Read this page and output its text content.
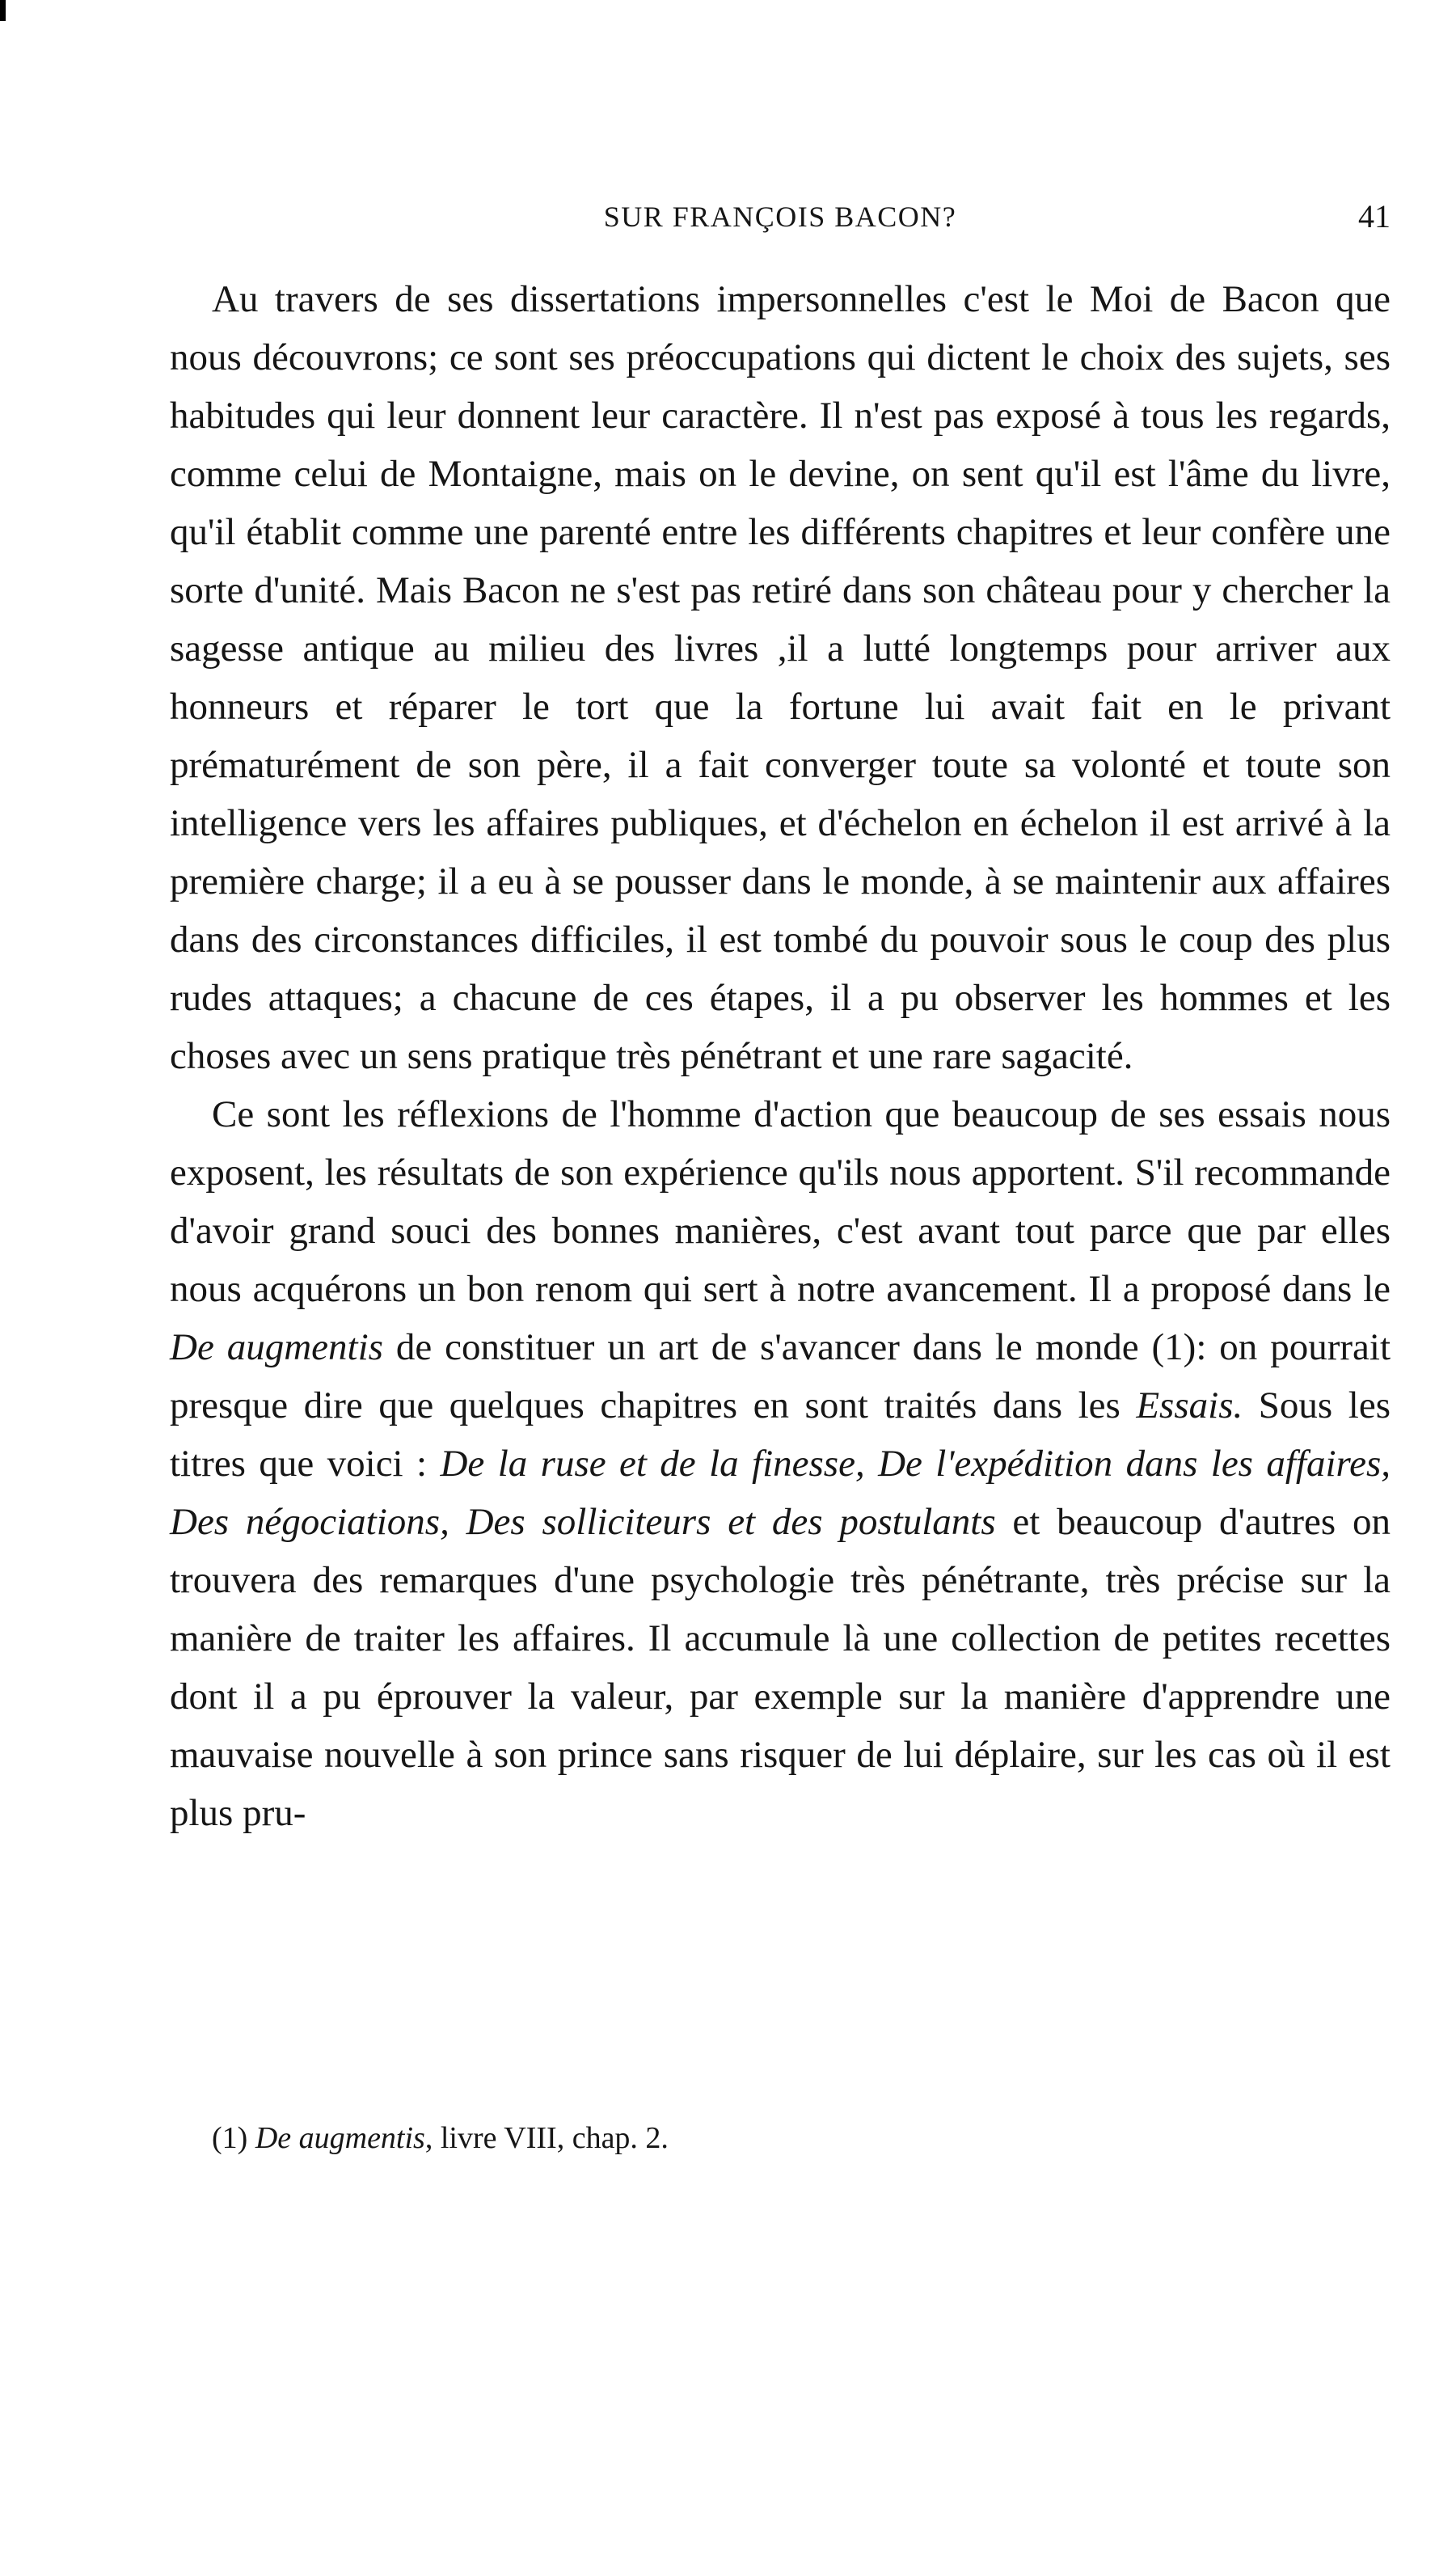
SUR FRANÇOIS BACON?	41

Au travers de ses dissertations impersonnelles c'est le Moi de Bacon que nous découvrons; ce sont ses préoccupations qui dictent le choix des sujets, ses habitudes qui leur donnent leur caractère. Il n'est pas exposé à tous les regards, comme celui de Montaigne, mais on le devine, on sent qu'il est l'âme du livre, qu'il établit comme une parenté entre les différents chapitres et leur confère une sorte d'unité. Mais Bacon ne s'est pas retiré dans son château pour y chercher la sagesse antique au milieu des livres ,il a lutté longtemps pour arriver aux honneurs et réparer le tort que la fortune lui avait fait en le privant prématurément de son père, il a fait converger toute sa volonté et toute son intelligence vers les affaires publiques, et d'échelon en échelon il est arrivé à la première charge; il a eu à se pousser dans le monde, à se maintenir aux affaires dans des circonstances difficiles, il est tombé du pouvoir sous le coup des plus rudes attaques; a chacune de ces étapes, il a pu observer les hommes et les choses avec un sens pratique très pénétrant et une rare sagacité.

Ce sont les réflexions de l'homme d'action que beaucoup de ses essais nous exposent, les résultats de son expérience qu'ils nous apportent. S'il recommande d'avoir grand souci des bonnes manières, c'est avant tout parce que par elles nous acquérons un bon renom qui sert à notre avancement. Il a proposé dans le De augmentis de constituer un art de s'avancer dans le monde (1): on pourrait presque dire que quelques chapitres en sont traités dans les Essais. Sous les titres que voici : De la ruse et de la finesse, De l'expédition dans les affaires, Des négociations, Des solliciteurs et des postulants et beaucoup d'autres on trouvera des remarques d'une psychologie très pénétrante, très précise sur la manière de traiter les affaires. Il accumule là une collection de petites recettes dont il a pu éprouver la valeur, par exemple sur la manière d'apprendre une mauvaise nouvelle à son prince sans risquer de lui déplaire, sur les cas où il est plus pru-

(1) De augmentis, livre VIII, chap. 2.
